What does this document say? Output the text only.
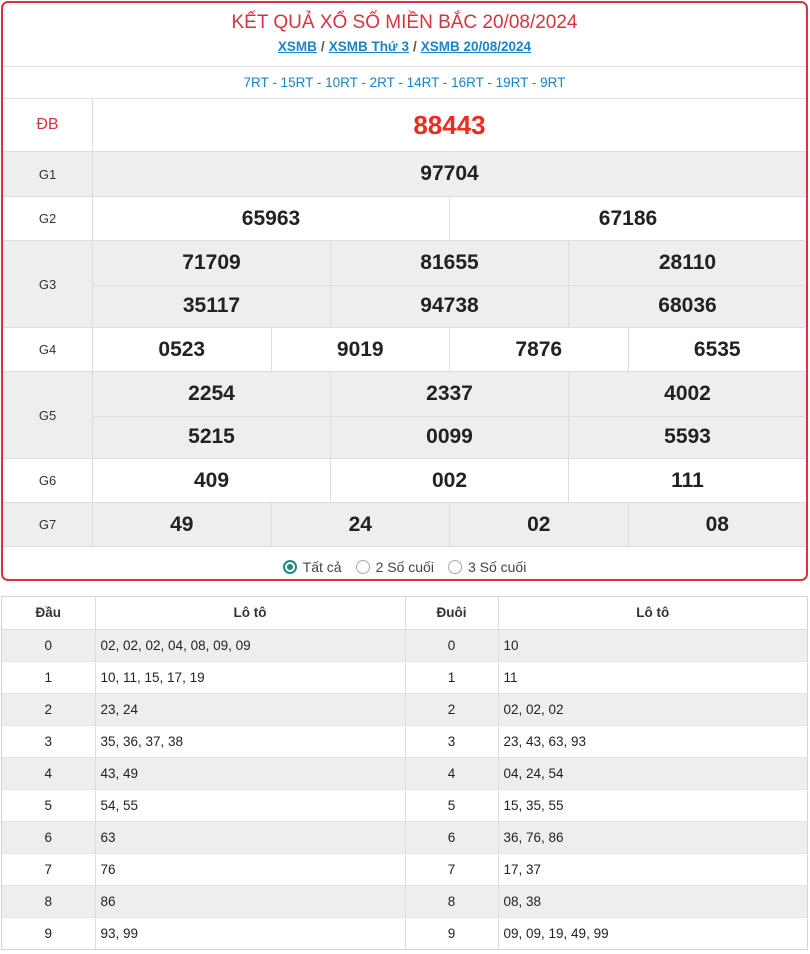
KẾT QUẢ XỔ SỐ MIỀN BẮC 20/08/2024
XSMB / XSMB Thứ 3 / XSMB 20/08/2024
7RT - 15RT - 10RT - 2RT - 14RT - 16RT - 19RT - 9RT
ĐB	88443
G1	97704
G2	65963	67186
G3
71709	81655	28110
35117	94738	68036
G4	0523	9019	7876	6535
G5
2254	2337	4002
5215	0099	5593
G6	409	002	111
G7	49	24	02	08
Tất cả 2 Số cuối 3 Số cuối
Đầu	Lô tô	Đuôi	Lô tô
0	02, 02, 02, 04, 08, 09, 09	0	10
1	10, 11, 15, 17, 19	1	11
2	23, 24	2	02, 02, 02
3	35, 36, 37, 38	3	23, 43, 63, 93
4	43, 49	4	04, 24, 54
5	54, 55	5	15, 35, 55
6	63	6	36, 76, 86
7	76	7	17, 37
8	86	8	08, 38
9	93, 99	9	09, 09, 19, 49, 99
